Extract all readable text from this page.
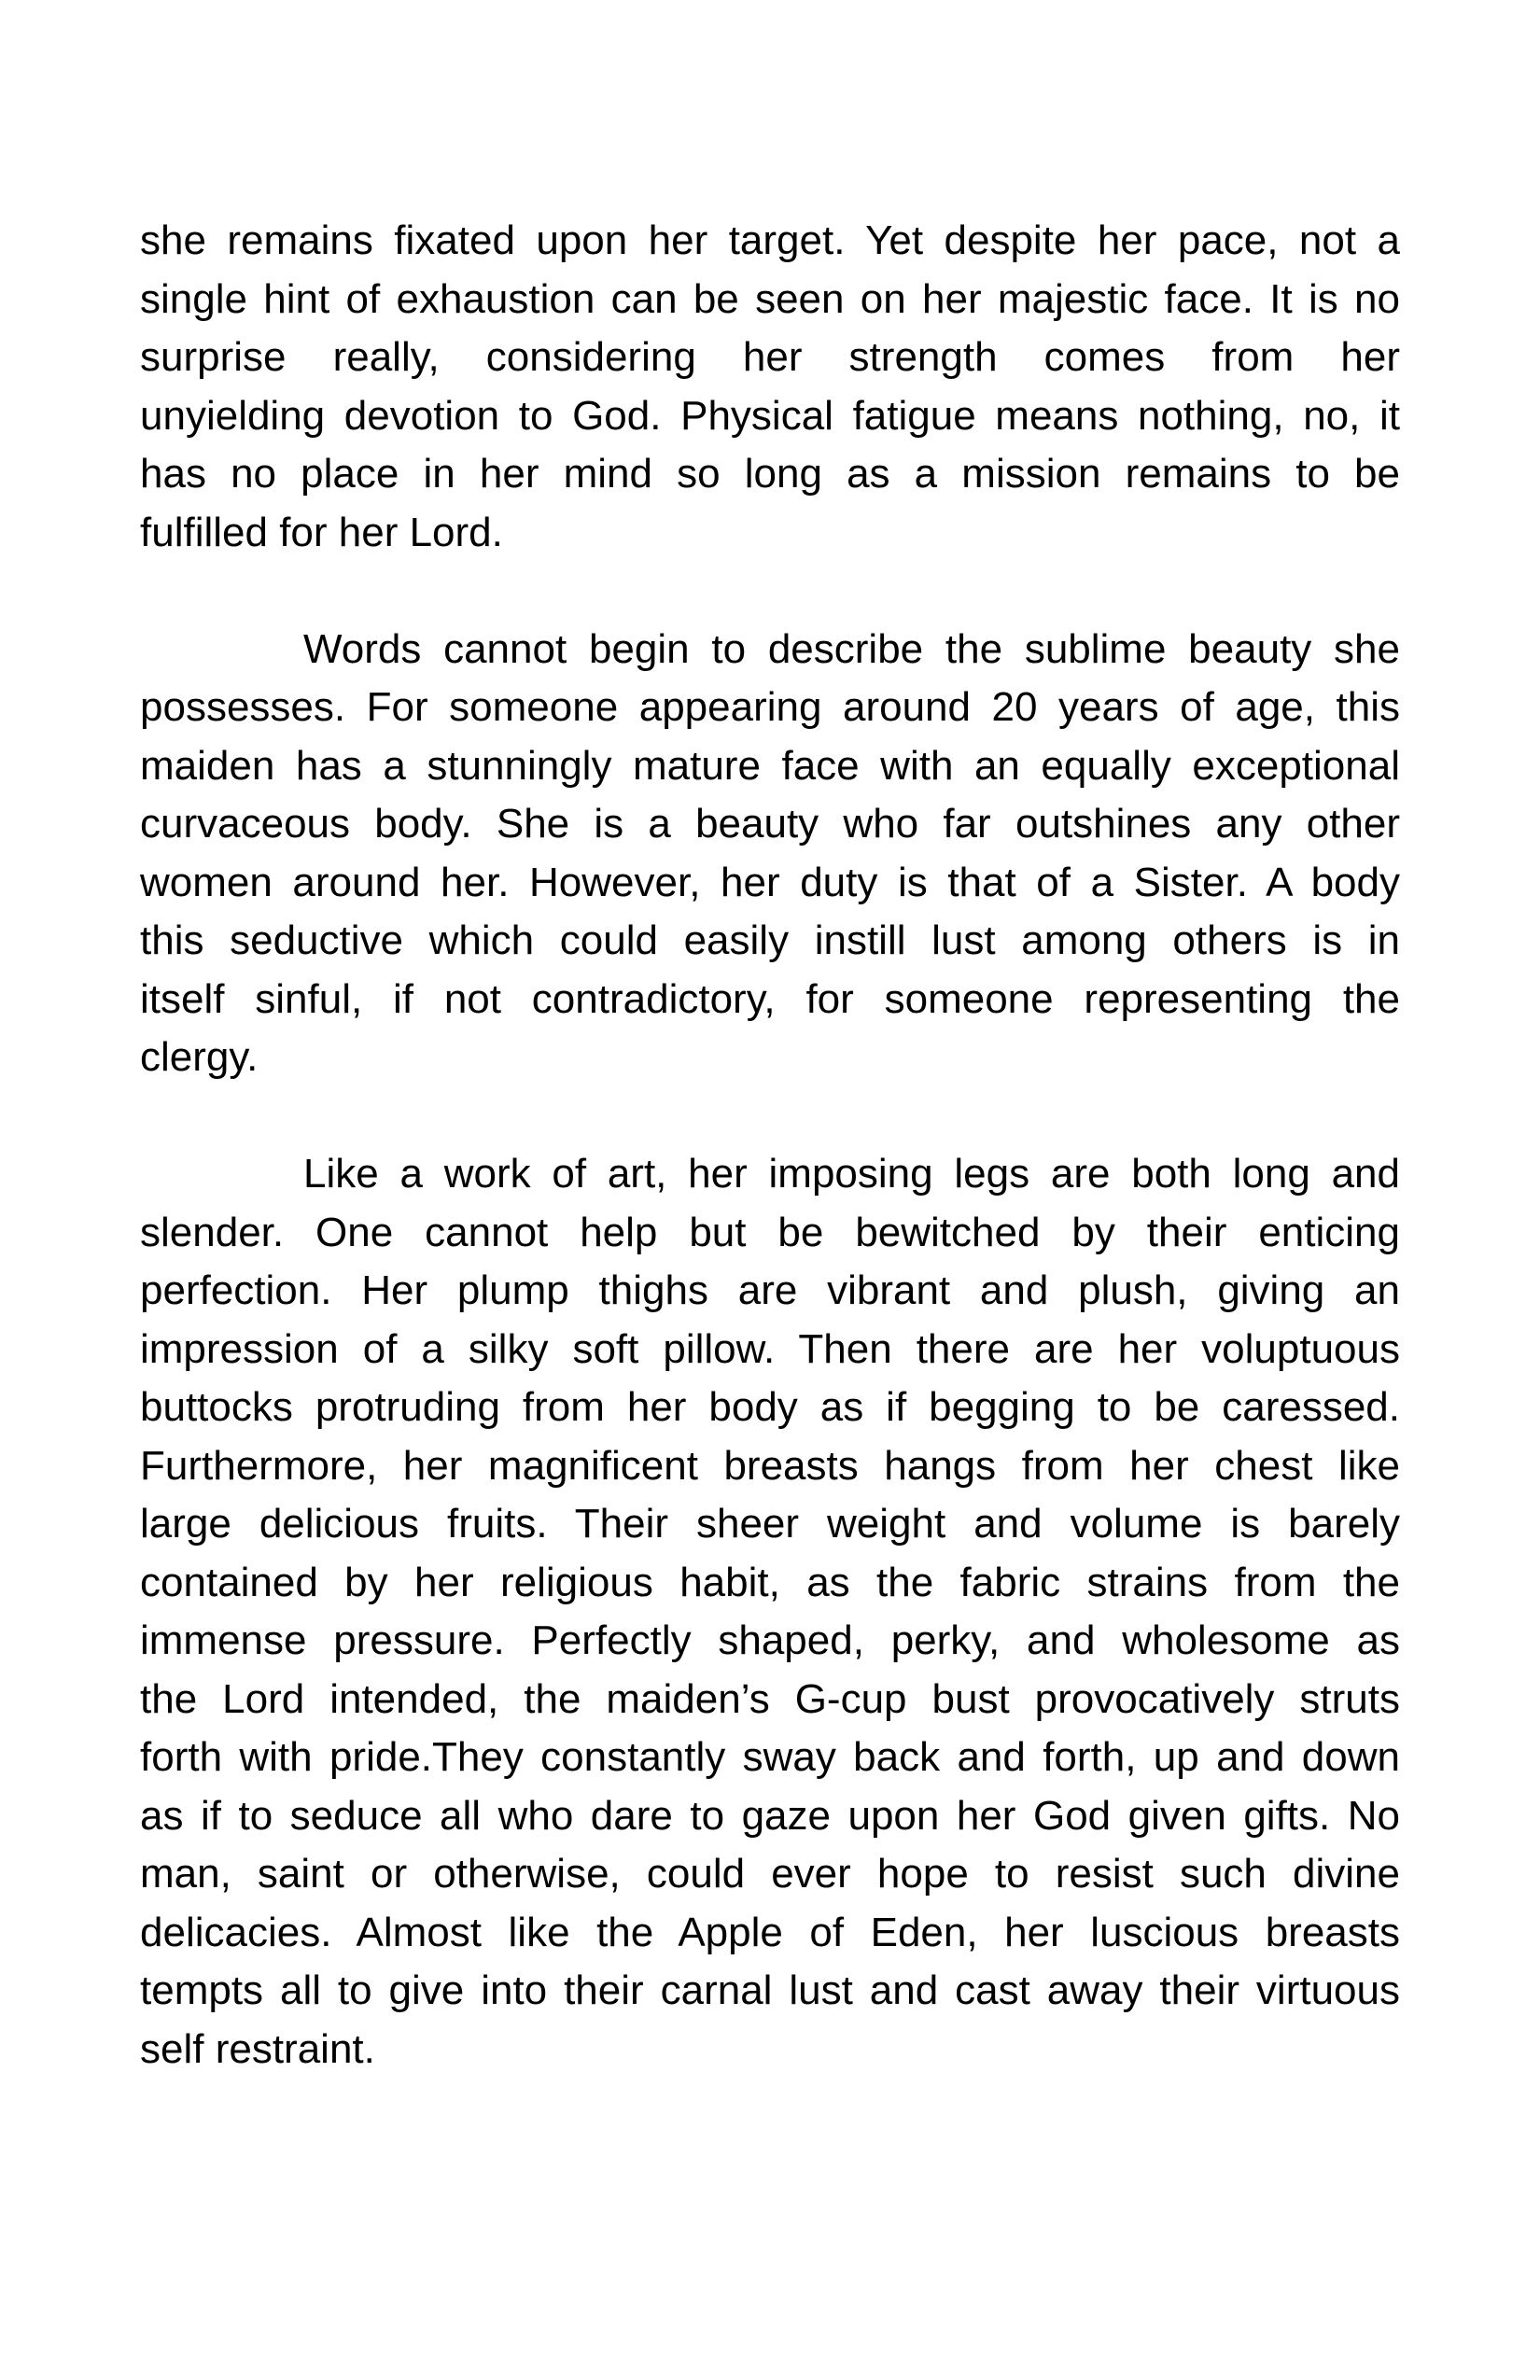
she remains fixated upon her target. Yet despite her pace, not a
single hint of exhaustion can be seen on her majestic face. It is no
surprise really, considering her strength comes from her
unyielding devotion to God. Physical fatigue means nothing, no, it
has no place in her mind so long as a mission remains to be
fulfilled for her Lord.

Words cannot begin to describe the sublime beauty she
possesses. For someone appearing around 20 years of age, this
maiden has a stunningly mature face with an equally exceptional
curvaceous body. She is a beauty who far outshines any other
women around her. However, her duty is that of a Sister. A body
this seductive which could easily instill lust among others is in
itself sinful, if not contradictory, for someone representing the
clergy.

Like a work of art, her imposing legs are both long and
slender. One cannot help but be bewitched by their enticing
perfection. Her plump thighs are vibrant and plush, giving an
impression of a silky soft pillow. Then there are her voluptuous
buttocks protruding from her body as if begging to be caressed.
Furthermore, her magnificent breasts hangs from her chest like
large delicious fruits. Their sheer weight and volume is barely
contained by her religious habit, as the fabric strains from the
immense pressure. Perfectly shaped, perky, and wholesome as
the Lord intended, the maiden’s G-cup bust provocatively struts
forth with pride.They constantly sway back and forth, up and down
as if to seduce all who dare to gaze upon her God given gifts. No
man, saint or otherwise, could ever hope to resist such divine
delicacies. Almost like the Apple of Eden, her luscious breasts
tempts all to give into their carnal lust and cast away their virtuous
self restraint.
